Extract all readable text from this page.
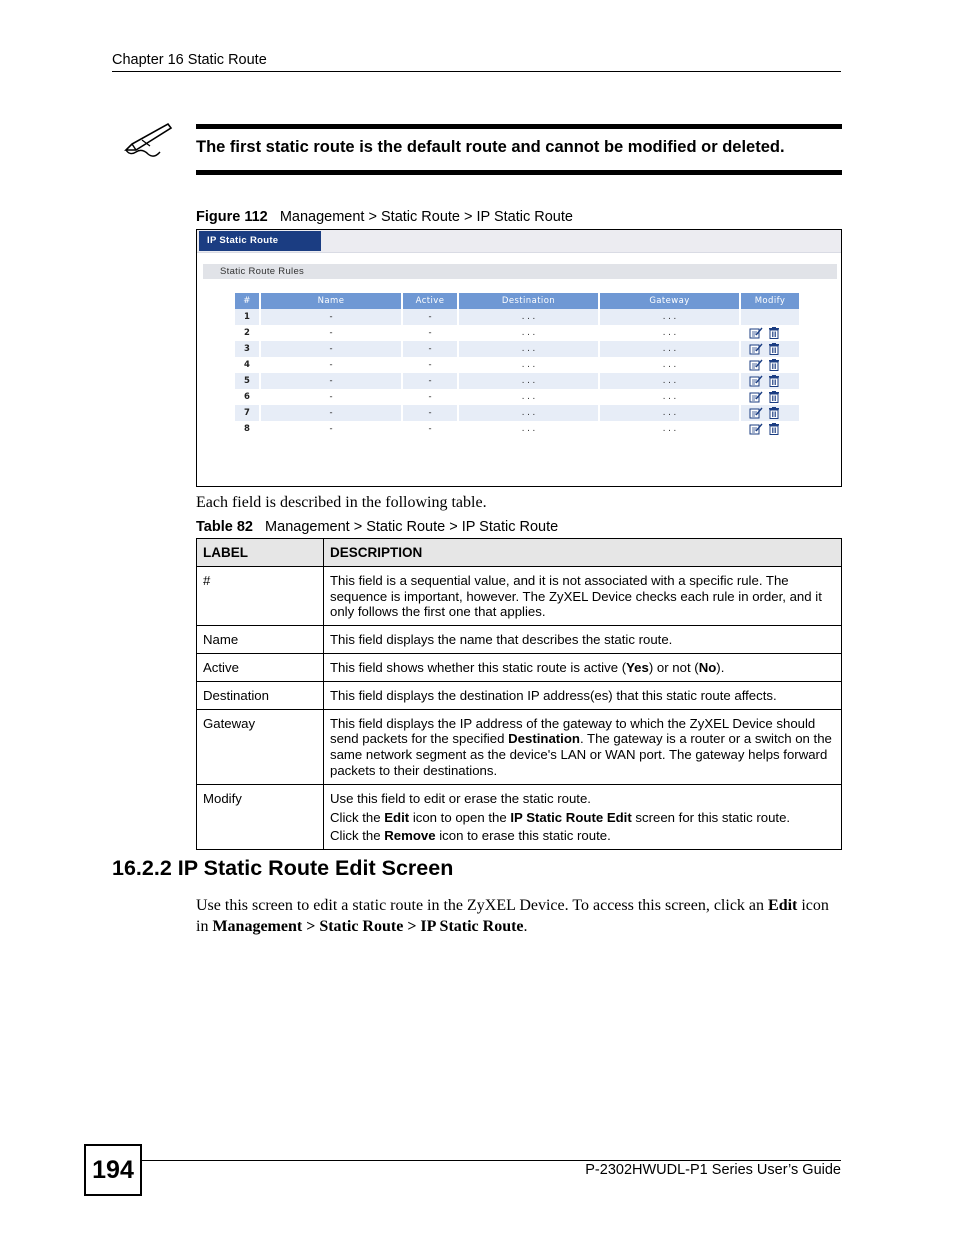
Chapter 16 Static Route
The first static route is the default route and cannot be modified or deleted.
Figure 112 Management > Static Route > IP Static Route
IP Static Route
Static Route Rules
#	Name	Active	Destination	Gateway	Modify
1	-	-	. . .	. . .	
2	-	-	. . .	. . .	
3	-	-	. . .	. . .	
4	-	-	. . .	. . .	
5	-	-	. . .	. . .	
6	-	-	. . .	. . .	
7	-	-	. . .	. . .	
8	-	-	. . .	. . .	
Each field is described in the following table.
Table 82 Management > Static Route > IP Static Route
LABEL	DESCRIPTION
#	This field is a sequential value, and it is not associated with a specific rule. The sequence is important, however. The ZyXEL Device checks each rule in order, and it only follows the first one that applies.
Name	This field displays the name that describes the static route.
Active	This field shows whether this static route is active (Yes) or not (No).
Destination	This field displays the destination IP address(es) that this static route affects.
Gateway	This field displays the IP address of the gateway to which the ZyXEL Device should send packets for the specified Destination. The gateway is a router or a switch on the same network segment as the device's LAN or WAN port. The gateway helps forward packets to their destinations.
Modify	Use this field to edit or erase the static route.

Click the Edit icon to open the IP Static Route Edit screen for this static route.

Click the Remove icon to erase this static route.

16.2.2 IP Static Route Edit Screen
Use this screen to edit a static route in the ZyXEL Device. To access this screen, click an Edit icon in Management > Static Route > IP Static Route.
194	P-2302HWUDL-P1 Series User’s Guide
